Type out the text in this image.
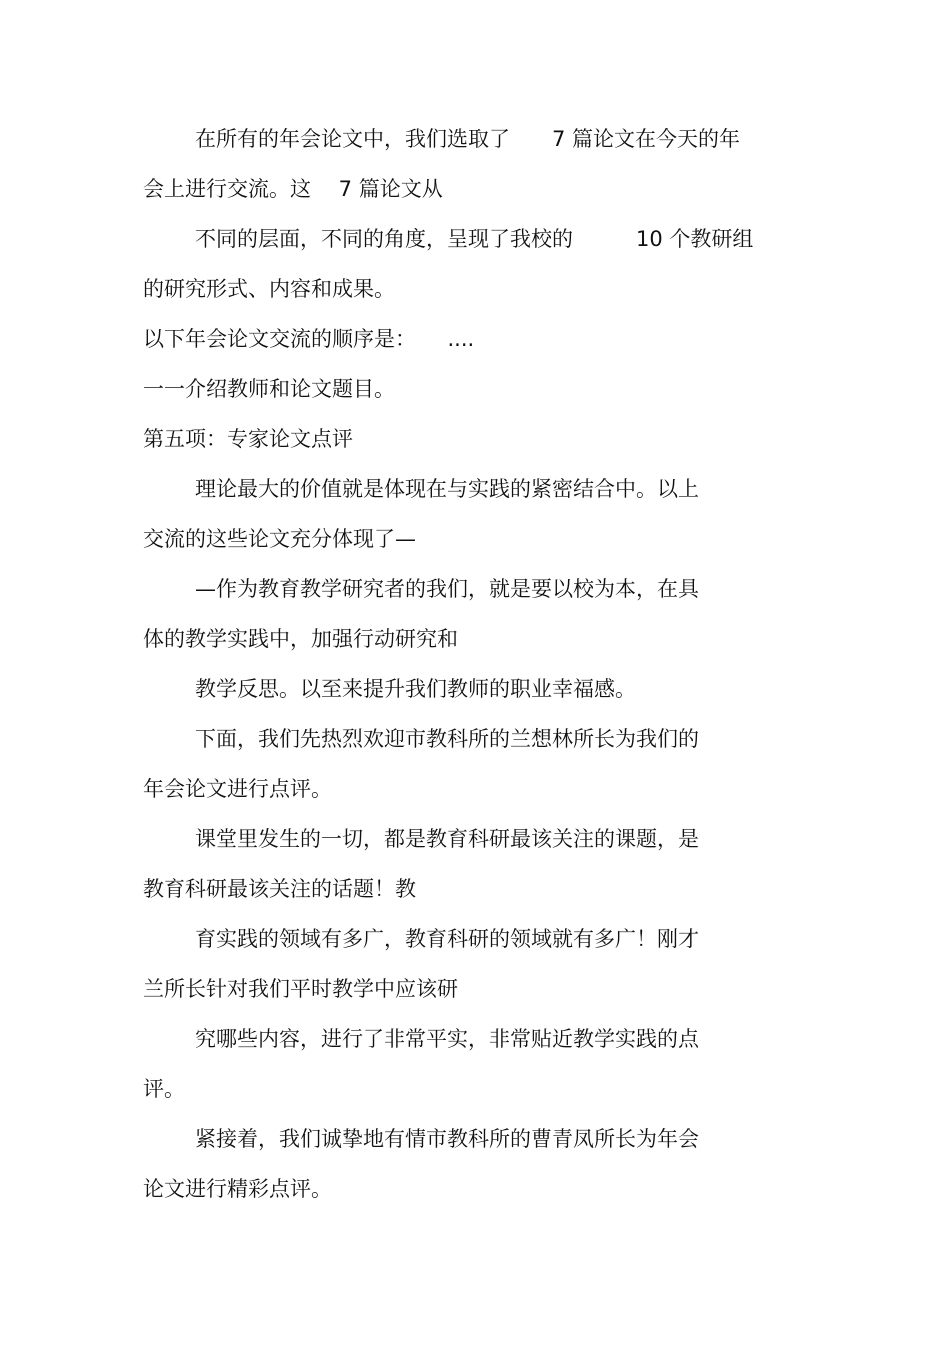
在所有的年会论文中，我们选取了　　7 篇论文在今天的年
会上进行交流。这　 7 篇论文从
不同的层面，不同的角度，呈现了我校的　　　10 个教研组
的研究形式、内容和成果。
以下年会论文交流的顺序是：　　....
一一介绍教师和论文题目。
第五项：专家论文点评
理论最大的价值就是体现在与实践的紧密结合中。以上
交流的这些论文充分体现了—
—作为教育教学研究者的我们，就是要以校为本，在具
体的教学实践中，加强行动研究和
教学反思。以至来提升我们教师的职业幸福感。
下面，我们先热烈欢迎市教科所的兰想林所长为我们的
年会论文进行点评。
课堂里发生的一切，都是教育科研最该关注的课题，是
教育科研最该关注的话题！教
育实践的领域有多广，教育科研的领域就有多广！刚才
兰所长针对我们平时教学中应该研
究哪些内容，进行了非常平实，非常贴近教学实践的点
评。
紧接着，我们诚挚地有情市教科所的曹青凤所长为年会
论文进行精彩点评。
